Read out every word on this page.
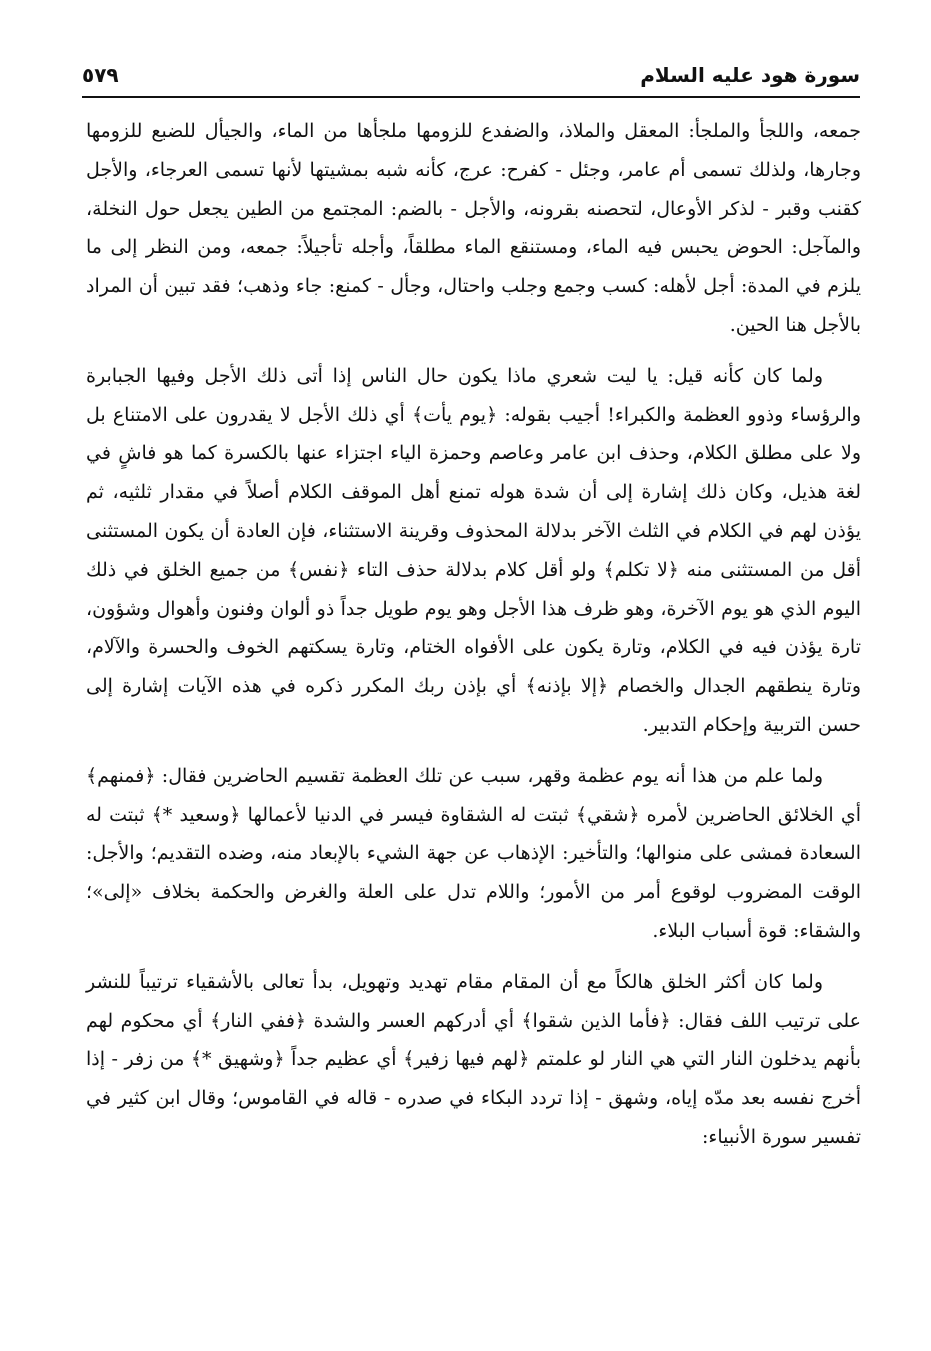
سورة هود عليه السلام
٥٧٩

جمعه، واللجأ والملجأ: المعقل والملاذ، والضفدع للزومها ملجأها من الماء، والجيأل للضبع للزومها وجارها، ولذلك تسمى أم عامر، وجئل - كفرح: عرج، كأنه شبه بمشيتها لأنها تسمى العرجاء، والأجل كقنب وقبر - لذكر الأوعال، لتحصنه بقرونه، والأجل - بالضم: المجتمع من الطين يجعل حول النخلة، والمآجل: الحوض يحبس فيه الماء، ومستنقع الماء مطلقاً، وأجله تأجيلاً: جمعه، ومن النظر إلى ما يلزم في المدة: أجل لأهله: كسب وجمع وجلب واحتال، وجأل - كمنع: جاء وذهب؛ فقد تبين أن المراد بالأجل هنا الحين.

ولما كان كأنه قيل: يا ليت شعري ماذا يكون حال الناس إذا أتى ذلك الأجل وفيها الجبابرة والرؤساء وذوو العظمة والكبراء! أجيب بقوله: ﴿يوم يأت﴾ أي ذلك الأجل لا يقدرون على الامتناع بل ولا على مطلق الكلام، وحذف ابن عامر وعاصم وحمزة الياء اجتزاء عنها بالكسرة كما هو فاشٍ في لغة هذيل، وكان ذلك إشارة إلى أن شدة هوله تمنع أهل الموقف الكلام أصلاً في مقدار ثلثيه، ثم يؤذن لهم في الكلام في الثلث الآخر بدلالة المحذوف وقرينة الاستثناء، فإن العادة أن يكون المستثنى أقل من المستثنى منه ﴿لا تكلم﴾ ولو أقل كلام بدلالة حذف التاء ﴿نفس﴾ من جميع الخلق في ذلك اليوم الذي هو يوم الآخرة، وهو ظرف هذا الأجل وهو يوم طويل جداً ذو ألوان وفنون وأهوال وشؤون، تارة يؤذن فيه في الكلام، وتارة يكون على الأفواه الختام، وتارة يسكتهم الخوف والحسرة والآلام، وتارة ينطقهم الجدال والخصام ﴿إلا بإذنه﴾ أي بإذن ربك المكرر ذكره في هذه الآيات إشارة إلى حسن التربية وإحكام التدبير.

ولما علم من هذا أنه يوم عظمة وقهر، سبب عن تلك العظمة تقسيم الحاضرين فقال: ﴿فمنهم﴾ أي الخلائق الحاضرين لأمره ﴿شقي﴾ ثبتت له الشقاوة فيسر في الدنيا لأعمالها ﴿وسعيد *﴾ ثبتت له السعادة فمشى على منوالها؛ والتأخير: الإذهاب عن جهة الشيء بالإبعاد منه، وضده التقديم؛ والأجل: الوقت المضروب لوقوع أمر من الأمور؛ واللام تدل على العلة والغرض والحكمة بخلاف «إلى»؛ والشقاء: قوة أسباب البلاء.

ولما كان أكثر الخلق هالكاً مع أن المقام مقام تهديد وتهويل، بدأ تعالى بالأشقياء ترتيباً للنشر على ترتيب اللف فقال: ﴿فأما الذين شقوا﴾ أي أدركهم العسر والشدة ﴿ففي النار﴾ أي محكوم لهم بأنهم يدخلون النار التي هي النار لو علمتم ﴿لهم فيها زفير﴾ أي عظيم جداً ﴿وشهيق *﴾ من زفر - إذا أخرج نفسه بعد مدّه إياه، وشهق - إذا تردد البكاء في صدره - قاله في القاموس؛ وقال ابن كثير في تفسير سورة الأنبياء:
